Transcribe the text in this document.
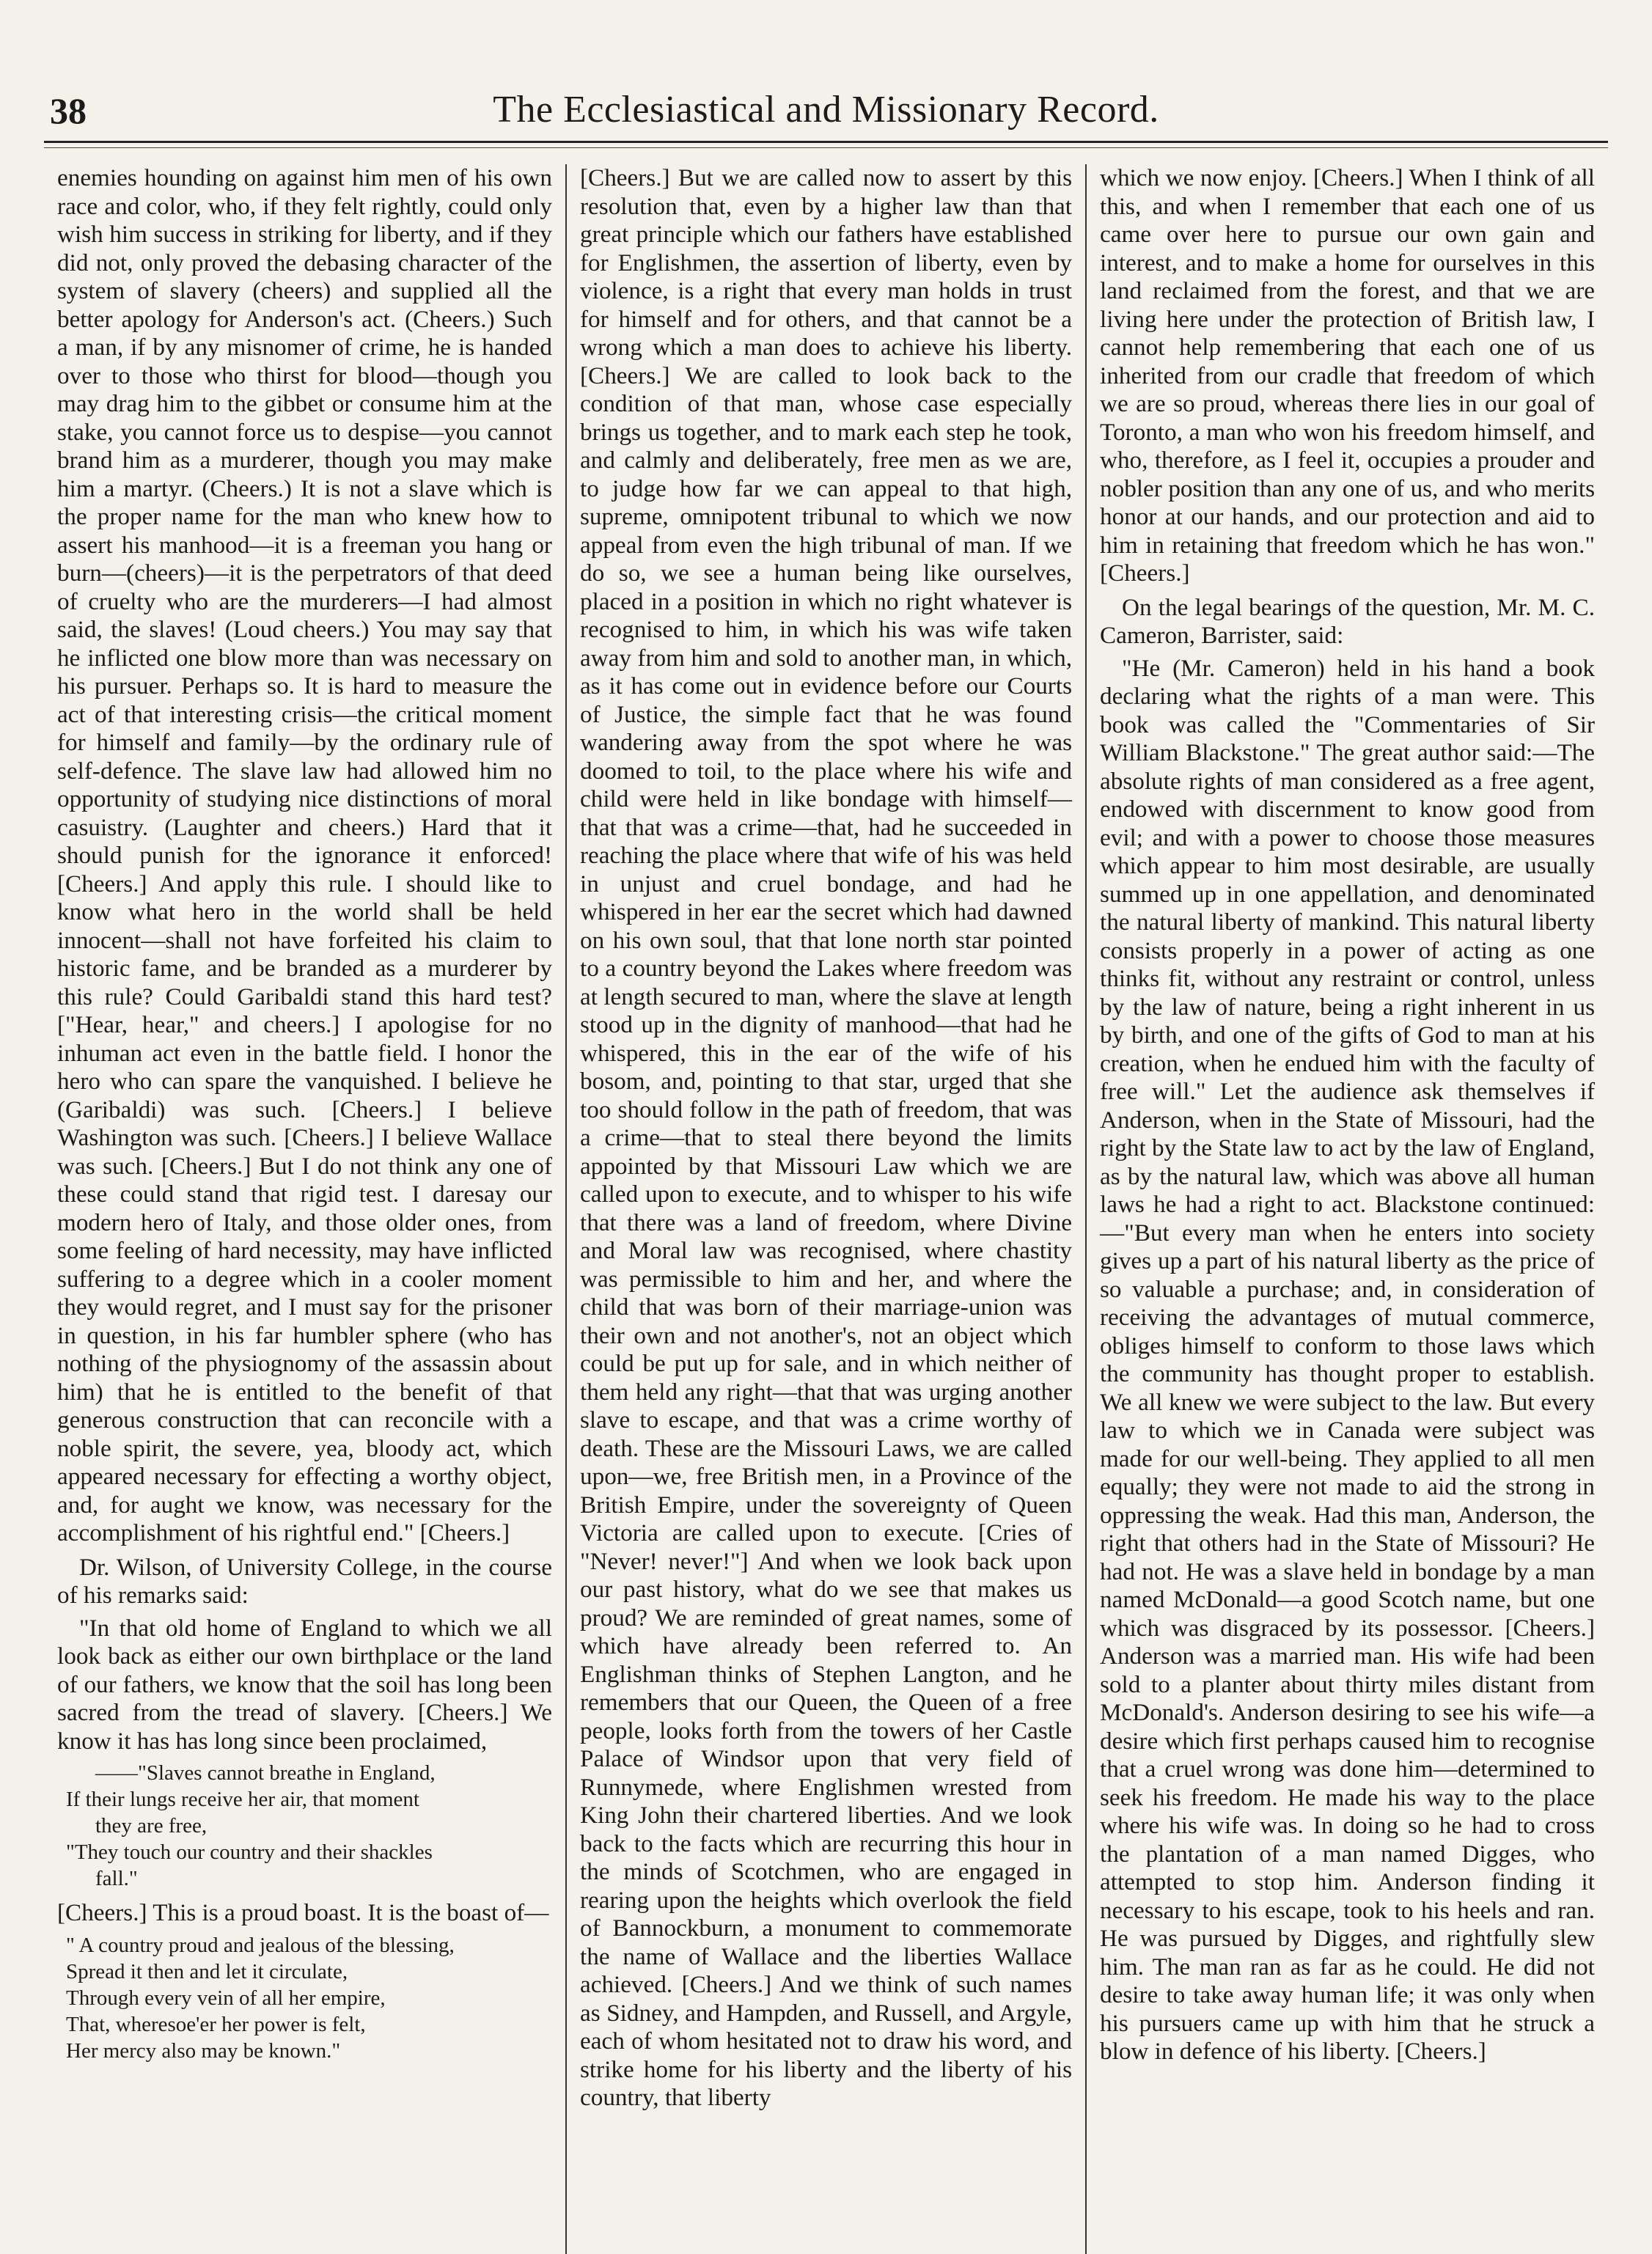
38	The Ecclesiastical and Missionary Record.

enemies hounding on against him men of his own race and color, who, if they felt rightly, could only wish him success in striking for liberty, and if they did not, only proved the debasing character of the system of slavery (cheers) and supplied all the better apology for Anderson's act. (Cheers.) Such a man, if by any misnomer of crime, he is handed over to those who thirst for blood—though you may drag him to the gibbet or consume him at the stake, you cannot force us to despise—you cannot brand him as a murderer, though you may make him a martyr. (Cheers.) It is not a slave which is the proper name for the man who knew how to assert his manhood—it is a freeman you hang or burn—(cheers)—it is the perpetrators of that deed of cruelty who are the murderers—I had almost said, the slaves! (Loud cheers.) You may say that he inflicted one blow more than was necessary on his pursuer. Perhaps so. It is hard to measure the act of that interesting crisis—the critical moment for himself and family—by the ordinary rule of self-defence. The slave law had allowed him no opportunity of studying nice distinctions of moral casuistry. (Laughter and cheers.) Hard that it should punish for the ignorance it enforced! [Cheers.] And apply this rule. I should like to know what hero in the world shall be held innocent—shall not have forfeited his claim to historic fame, and be branded as a murderer by this rule? Could Garibaldi stand this hard test? ["Hear, hear," and cheers.] I apologise for no inhuman act even in the battle field. I honor the hero who can spare the vanquished. I believe he (Garibaldi) was such. [Cheers.] I believe Washington was such. [Cheers.] I believe Wallace was such. [Cheers.] But I do not think any one of these could stand that rigid test. I daresay our modern hero of Italy, and those older ones, from some feeling of hard necessity, may have inflicted suffering to a degree which in a cooler moment they would regret, and I must say for the prisoner in question, in his far humbler sphere (who has nothing of the physiognomy of the assassin about him) that he is entitled to the benefit of that generous construction that can reconcile with a noble spirit, the severe, yea, bloody act, which appeared necessary for effecting a worthy object, and, for aught we know, was necessary for the accomplishment of his rightful end." [Cheers.]

Dr. Wilson, of University College, in the course of his remarks said:

"In that old home of England to which we all look back as either our own birthplace or the land of our fathers, we know that the soil has long been sacred from the tread of slavery. [Cheers.] We know it has has long since been proclaimed,

——"Slaves cannot breathe in England,
If their lungs receive her air, that moment
they are free,
"They touch our country and their shackles
fall."

[Cheers.] This is a proud boast. It is the boast of—

" A country proud and jealous of the blessing,
Spread it then and let it circulate,
Through every vein of all her empire,
That, wheresoe'er her power is felt,
Her mercy also may be known."

[Cheers.] But we are called now to assert by this resolution that, even by a higher law than that great principle which our fathers have established for Englishmen, the assertion of liberty, even by violence, is a right that every man holds in trust for himself and for others, and that cannot be a wrong which a man does to achieve his liberty. [Cheers.] We are called to look back to the condition of that man, whose case especially brings us together, and to mark each step he took, and calmly and deliberately, free men as we are, to judge how far we can appeal to that high, supreme, omnipotent tribunal to which we now appeal from even the high tribunal of man. If we do so, we see a human being like ourselves, placed in a position in which no right whatever is recognised to him, in which his was wife taken away from him and sold to another man, in which, as it has come out in evidence before our Courts of Justice, the simple fact that he was found wandering away from the spot where he was doomed to toil, to the place where his wife and child were held in like bondage with himself—that that was a crime—that, had he succeeded in reaching the place where that wife of his was held in unjust and cruel bondage, and had he whispered in her ear the secret which had dawned on his own soul, that that lone north star pointed to a country beyond the Lakes where freedom was at length secured to man, where the slave at length stood up in the dignity of manhood—that had he whispered, this in the ear of the wife of his bosom, and, pointing to that star, urged that she too should follow in the path of freedom, that was a crime—that to steal there beyond the limits appointed by that Missouri Law which we are called upon to execute, and to whisper to his wife that there was a land of freedom, where Divine and Moral law was recognised, where chastity was permissible to him and her, and where the child that was born of their marriage-union was their own and not another's, not an object which could be put up for sale, and in which neither of them held any right—that that was urging another slave to escape, and that was a crime worthy of death. These are the Missouri Laws, we are called upon—we, free British men, in a Province of the British Empire, under the sovereignty of Queen Victoria are called upon to execute. [Cries of "Never! never!"] And when we look back upon our past history, what do we see that makes us proud? We are reminded of great names, some of which have already been referred to. An Englishman thinks of Stephen Langton, and he remembers that our Queen, the Queen of a free people, looks forth from the towers of her Castle Palace of Windsor upon that very field of Runnymede, where Englishmen wrested from King John their chartered liberties. And we look back to the facts which are recurring this hour in the minds of Scotchmen, who are engaged in rearing upon the heights which overlook the field of Bannockburn, a monument to commemorate the name of Wallace and the liberties Wallace achieved. [Cheers.] And we think of such names as Sidney, and Hampden, and Russell, and Argyle, each of whom hesitated not to draw his word, and strike home for his liberty and the liberty of his country, that liberty

which we now enjoy. [Cheers.] When I think of all this, and when I remember that each one of us came over here to pursue our own gain and interest, and to make a home for ourselves in this land reclaimed from the forest, and that we are living here under the protection of British law, I cannot help remembering that each one of us inherited from our cradle that freedom of which we are so proud, whereas there lies in our goal of Toronto, a man who won his freedom himself, and who, therefore, as I feel it, occupies a prouder and nobler position than any one of us, and who merits honor at our hands, and our protection and aid to him in retaining that freedom which he has won." [Cheers.]

On the legal bearings of the question, Mr. M. C. Cameron, Barrister, said:

"He (Mr. Cameron) held in his hand a book declaring what the rights of a man were. This book was called the "Commentaries of Sir William Blackstone." The great author said:—The absolute rights of man considered as a free agent, endowed with discernment to know good from evil; and with a power to choose those measures which appear to him most desirable, are usually summed up in one appellation, and denominated the natural liberty of mankind. This natural liberty consists properly in a power of acting as one thinks fit, without any restraint or control, unless by the law of nature, being a right inherent in us by birth, and one of the gifts of God to man at his creation, when he endued him with the faculty of free will." Let the audience ask themselves if Anderson, when in the State of Missouri, had the right by the State law to act by the law of England, as by the natural law, which was above all human laws he had a right to act. Blackstone continued:—"But every man when he enters into society gives up a part of his natural liberty as the price of so valuable a purchase; and, in consideration of receiving the advantages of mutual commerce, obliges himself to conform to those laws which the community has thought proper to establish. We all knew we were subject to the law. But every law to which we in Canada were subject was made for our well-being. They applied to all men equally; they were not made to aid the strong in oppressing the weak. Had this man, Anderson, the right that others had in the State of Missouri? He had not. He was a slave held in bondage by a man named McDonald—a good Scotch name, but one which was disgraced by its possessor. [Cheers.] Anderson was a married man. His wife had been sold to a planter about thirty miles distant from McDonald's. Anderson desiring to see his wife—a desire which first perhaps caused him to recognise that a cruel wrong was done him—determined to seek his freedom. He made his way to the place where his wife was. In doing so he had to cross the plantation of a man named Digges, who attempted to stop him. Anderson finding it necessary to his escape, took to his heels and ran. He was pursued by Digges, and rightfully slew him. The man ran as far as he could. He did not desire to take away human life; it was only when his pursuers came up with him that he struck a blow in defence of his liberty. [Cheers.]
